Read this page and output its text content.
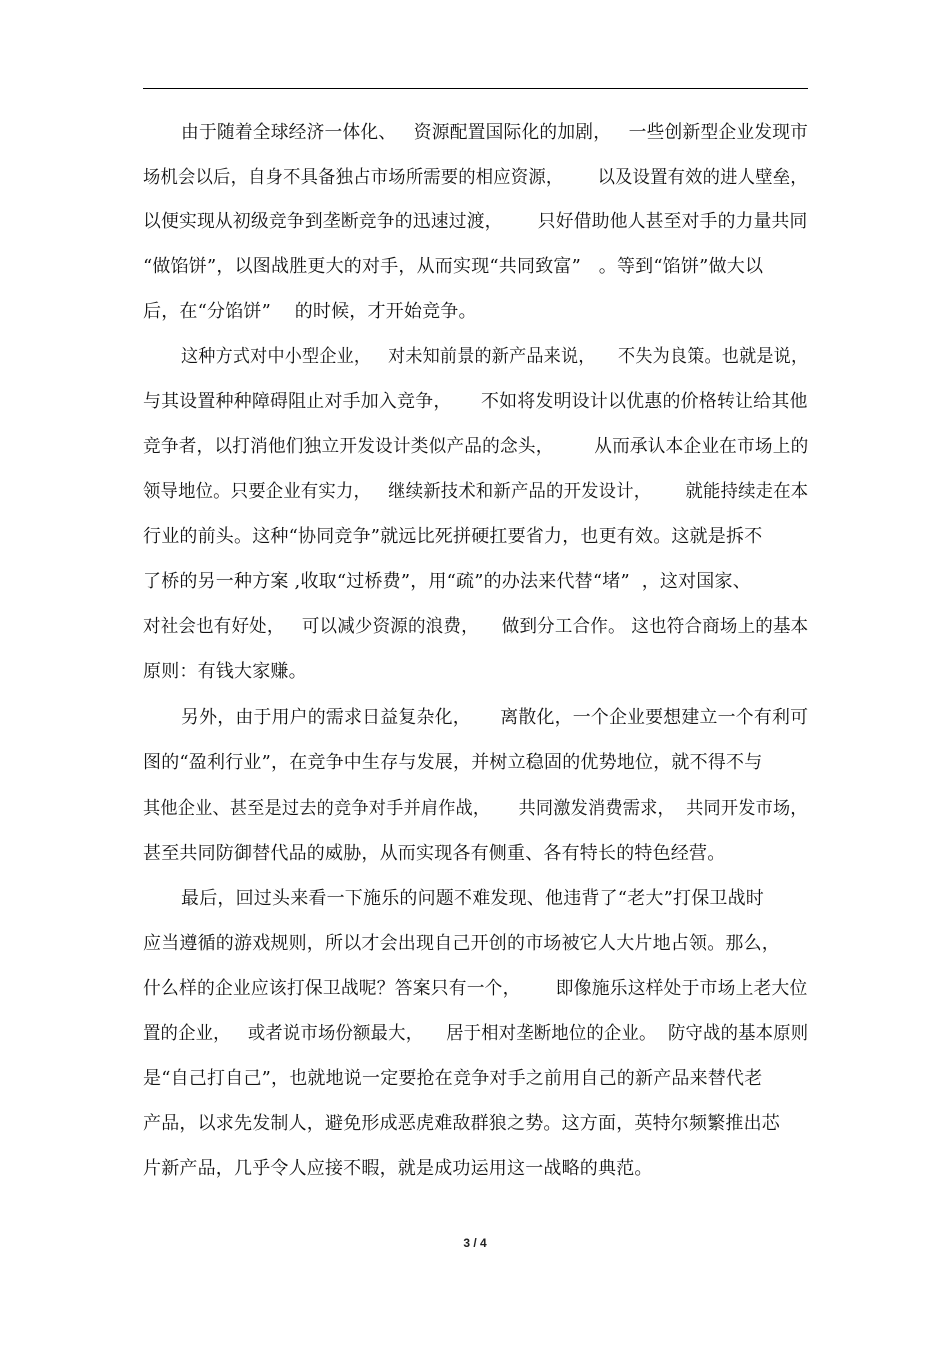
由于随着全球经济一体化、   资源配置国际化的加剧，   一些创新型企业发现市
场机会以后，自身不具备独占市场所需要的相应资源，      以及设置有效的进人壁垒，
以便实现从初级竞争到垄断竞争的迅速过渡，      只好借助他人甚至对手的力量共同
“做馅饼”，以图战胜更大的对手，从而实现“共同致富”   。等到“馅饼”做大以
后，在“分馅饼”    的时候，才开始竞争。
这种方式对中小型企业，   对未知前景的新产品来说，    不失为良策。也就是说，
与其设置种种障碍阻止对手加入竞争，     不如将发明设计以优惠的价格转让给其他
竞争者，以打消他们独立开发设计类似产品的念头，       从而承认本企业在市场上的
领导地位。只要企业有实力，   继续新技术和新产品的开发设计，      就能持续走在本
行业的前头。这种“协同竞争”就远比死拼硬扛要省力，也更有效。这就是拆不
了桥的另一种方案 ,收取“过桥费”，用“疏”的办法来代替“堵”  ，这对国家、
对社会也有好处，   可以减少资源的浪费，    做到分工合作。 这也符合商场上的基本
原则：有钱大家赚。
另外，由于用户的需求日益复杂化，     离散化，一个企业要想建立一个有利可
图的“盈利行业”，在竞争中生存与发展，并树立稳固的优势地位，就不得不与
其他企业、甚至是过去的竞争对手并肩作战，     共同激发消费需求，  共同开发市场，
甚至共同防御替代品的威胁，从而实现各有侧重、各有特长的特色经营。
最后，回过头来看一下施乐的问题不难发现、他违背了“老大”打保卫战时
应当遵循的游戏规则，所以才会出现自己开创的市场被它人大片地占领。那么，
什么样的企业应该打保卫战呢？答案只有一个，      即像施乐这样处于市场上老大位
置的企业，   或者说市场份额最大，    居于相对垄断地位的企业。  防守战的基本原则
是“自己打自己”，也就地说一定要抢在竞争对手之前用自己的新产品来替代老
产品，以求先发制人，避免形成恶虎难敌群狼之势。这方面，英特尔频繁推出芯
片新产品，几乎令人应接不暇，就是成功运用这一战略的典范。
3 / 4
